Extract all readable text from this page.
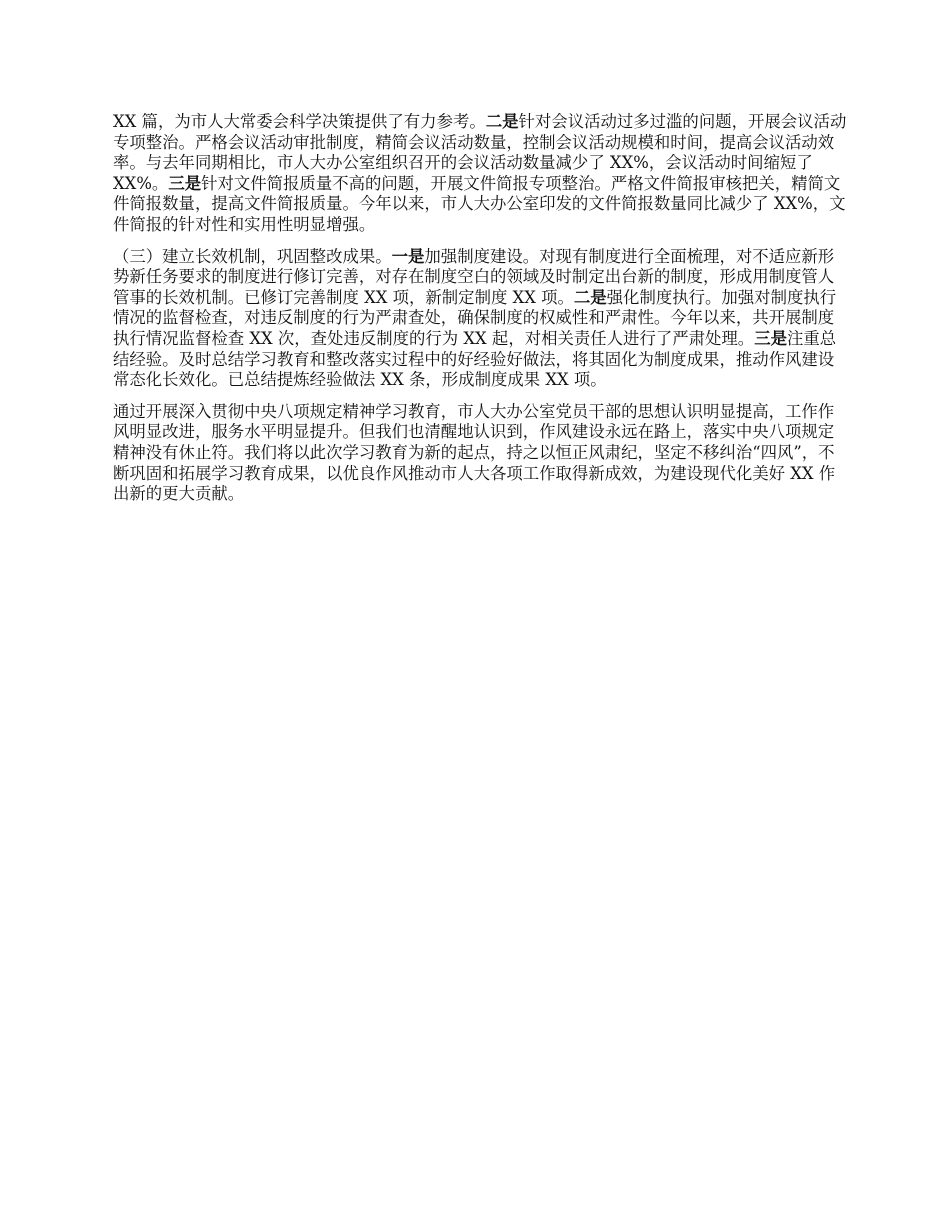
XX 篇，为市人大常委会科学决策提供了有力参考。二是针对会议活动过多过滥的问题，开展会议活动专项整治。严格会议活动审批制度，精简会议活动数量，控制会议活动规模和时间，提高会议活动效率。与去年同期相比，市人大办公室组织召开的会议活动数量减少了 XX%，会议活动时间缩短了 XX%。三是针对文件简报质量不高的问题，开展文件简报专项整治。严格文件简报审核把关，精简文件简报数量，提高文件简报质量。今年以来，市人大办公室印发的文件简报数量同比减少了 XX%，文件简报的针对性和实用性明显增强。

（三）建立长效机制，巩固整改成果。一是加强制度建设。对现有制度进行全面梳理，对不适应新形势新任务要求的制度进行修订完善，对存在制度空白的领域及时制定出台新的制度，形成用制度管人管事的长效机制。已修订完善制度 XX 项，新制定制度 XX 项。二是强化制度执行。加强对制度执行情况的监督检查，对违反制度的行为严肃查处，确保制度的权威性和严肃性。今年以来，共开展制度执行情况监督检查 XX 次，查处违反制度的行为 XX 起，对相关责任人进行了严肃处理。三是注重总结经验。及时总结学习教育和整改落实过程中的好经验好做法，将其固化为制度成果，推动作风建设常态化长效化。已总结提炼经验做法 XX 条，形成制度成果 XX 项。

通过开展深入贯彻中央八项规定精神学习教育，市人大办公室党员干部的思想认识明显提高，工作作风明显改进，服务水平明显提升。但我们也清醒地认识到，作风建设永远在路上，落实中央八项规定精神没有休止符。我们将以此次学习教育为新的起点，持之以恒正风肃纪，坚定不移纠治“四风”，不断巩固和拓展学习教育成果，以优良作风推动市人大各项工作取得新成效，为建设现代化美好 XX 作出新的更大贡献。
